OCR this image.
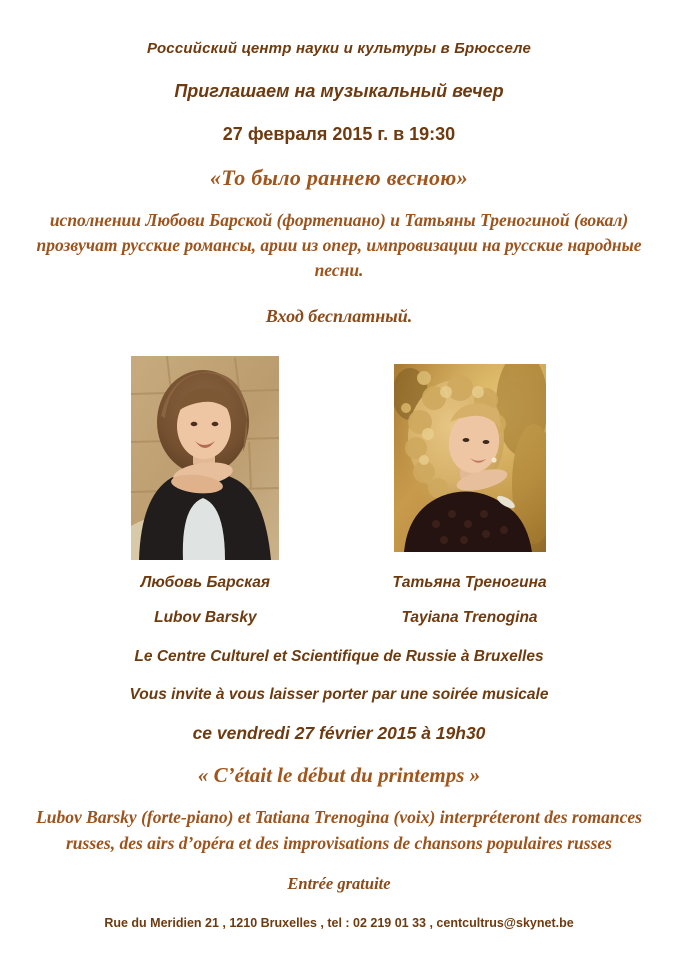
Российский центр науки и культуры в Брюсселе
Приглашаем на музыкальный вечер
27 февраля 2015 г. в 19:30
«То было раннею весною»
исполнении Любови Барской (фортепиано) и Татьяны Треногиной (вокал) прозвучат русские романсы, арии из опер, импровизации на русские народные песни.
Вход бесплатный.
Любовь Барская
Lubov Barsky
Татьяна Треногина
Tayiana Trenogina
Le Centre Culturel et Scientifique de Russie à Bruxelles
Vous invite à vous laisser porter par une soirée musicale
ce vendredi 27 février 2015 à 19h30
« C’était le début du printemps »
Lubov Barsky (forte-piano) et Tatiana Trenogina (voix) interpréteront des romances russes, des airs d’opéra et des improvisations de chansons populaires russes
Entrée gratuite
Rue du Meridien 21 , 1210 Bruxelles , tel : 02 219 01 33 , centcultrus@skynet.be
